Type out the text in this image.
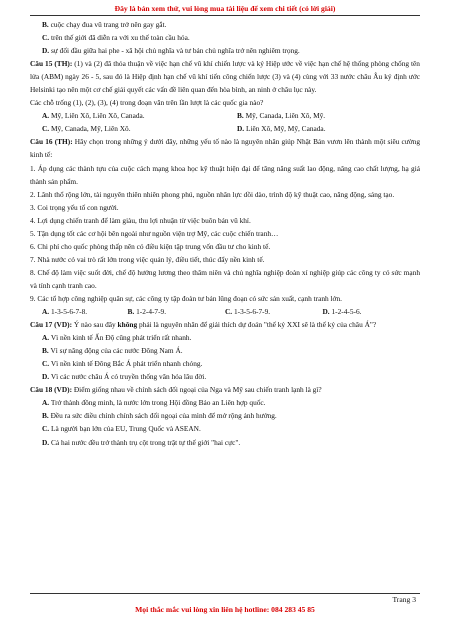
Đây là bản xem thử, vui lòng mua tài liệu để xem chi tiết (có lời giải)

B. cuộc chạy đua vũ trang trở nên gay gắt.

C. trên thế giới đã diễn ra với xu thế toàn cầu hóa.

D. sự đối đầu giữa hai phe - xã hội chủ nghĩa và tư bản chủ nghĩa trở nên nghiêm trọng.

Câu 15 (TH): (1) và (2) đã thỏa thuận về việc hạn chế vũ khí chiến lược và ký Hiệp ước về việc hạn chế hệ thống phòng chống tên lửa (ABM) ngày 26 - 5, sau đó là Hiệp định hạn chế vũ khí tiến công chiến lược (3) và (4) cùng với 33 nước châu Âu ký định ước Helsinki tạo nên một cơ chế giải quyết các vấn đề liên quan đến hòa bình, an ninh ở châu lục này.

Các chỗ trống (1), (2), (3), (4) trong đoạn văn trên lần lượt là các quốc gia nào?

A. Mỹ, Liên Xô, Liên Xô, Canada.	B. Mỹ, Canada, Liên Xô, Mỹ.
C. Mỹ, Canada, Mỹ, Liên Xô.	D. Liên Xô, Mỹ, Mỹ, Canada.

Câu 16 (TH): Hãy chọn trong những ý dưới đây, những yếu tố nào là nguyên nhân giúp Nhật Bản vươn lên thành một siêu cường kinh tế:

1. Áp dụng các thành tựu của cuộc cách mạng khoa học kỹ thuật hiện đại để tăng năng suất lao động, nâng cao chất lượng, hạ giá thành sản phẩm.

2. Lãnh thổ rộng lớn, tài nguyên thiên nhiên phong phú, nguồn nhân lực dồi dào, trình độ kỹ thuật cao, năng động, sáng tạo.

3. Coi trọng yếu tố con người.

4. Lợi dụng chiến tranh để làm giàu, thu lợi nhuận từ việc buôn bán vũ khí.

5. Tận dụng tốt các cơ hội bên ngoài như nguồn viện trợ Mỹ, các cuộc chiến tranh…

6. Chi phí cho quốc phòng thấp nên có điều kiện tập trung vốn đầu tư cho kinh tế.

7. Nhà nước có vai trò rất lớn trong việc quản lý, điều tiết, thúc đẩy nền kinh tế.

8. Chế độ làm việc suốt đời, chế độ hưởng lương theo thâm niên và chủ nghĩa nghiệp đoàn xí nghiệp giúp các công ty có sức mạnh và tính cạnh tranh cao.

9. Các tổ hợp công nghiệp quân sự, các công ty tập đoàn tư bản lũng đoạn có sức sản xuất, cạnh tranh lớn.

A. 1-3-5-6-7-8.	B. 1-2-4-7-9.	C. 1-3-5-6-7-9.	D. 1-2-4-5-6.

Câu 17 (VD): Ý nào sau đây không phải là nguyên nhân để giải thích dự đoán "thế kỷ XXI sẽ là thế kỷ của châu Á"?

A. Vì nền kinh tế Ấn Độ cũng phát triển rất nhanh.

B. Vì sự năng động của các nước Đông Nam Á.

C. Vì nền kinh tế Đông Bắc Á phát triển nhanh chóng.

D. Vì các nước châu Á có truyền thống văn hóa lâu đời.

Câu 18 (VD): Điểm giống nhau về chính sách đối ngoại của Nga và Mỹ sau chiến tranh lạnh là gì?

A. Trở thành đồng minh, là nước lớn trong Hội đồng Bảo an Liên hợp quốc.

B. Đều ra sức điều chỉnh chính sách đối ngoại của mình để mở rộng ảnh hưởng.

C. Là người bạn lớn của EU, Trung Quốc và ASEAN.

D. Cả hai nước đều trở thành trụ cột trong trật tự thế giới "hai cực".

Trang 3
Mọi thắc mắc vui lòng xin liên hệ hotline: 084 283 45 85
